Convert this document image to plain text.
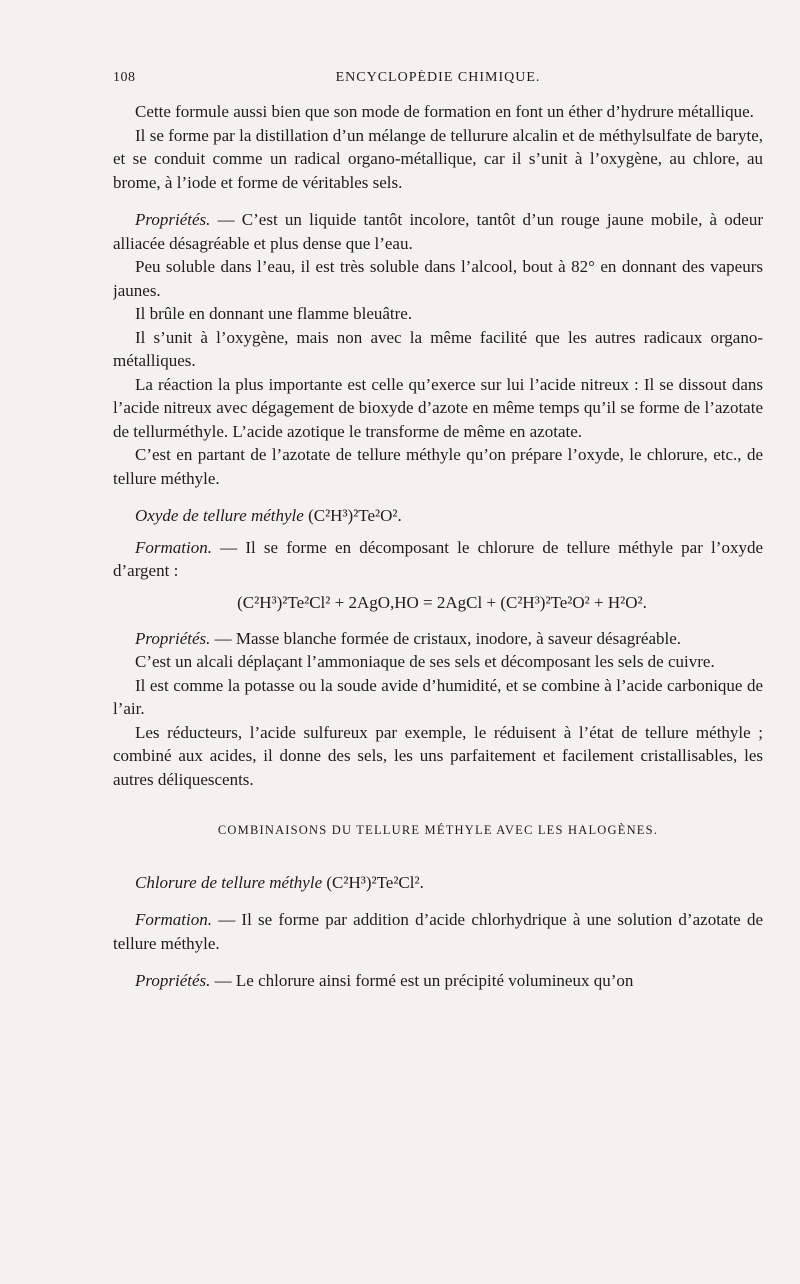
108	ENCYCLOPÉDIE CHIMIQUE.

Cette formule aussi bien que son mode de formation en font un éther d’hydrure métallique.

Il se forme par la distillation d’un mélange de tellurure alcalin et de méthylsulfate de baryte, et se conduit comme un radical organo-métallique, car il s’unit à l’oxygène, au chlore, au brome, à l’iode et forme de véritables sels.

Propriétés. — C’est un liquide tantôt incolore, tantôt d’un rouge jaune mobile, à odeur alliacée désagréable et plus dense que l’eau.

Peu soluble dans l’eau, il est très soluble dans l’alcool, bout à 82° en donnant des vapeurs jaunes.

Il brûle en donnant une flamme bleuâtre.

Il s’unit à l’oxygène, mais non avec la même facilité que les autres radicaux organo-métalliques.

La réaction la plus importante est celle qu’exerce sur lui l’acide nitreux : Il se dissout dans l’acide nitreux avec dégagement de bioxyde d’azote en même temps qu’il se forme de l’azotate de tellurméthyle. L’acide azotique le transforme de même en azotate.

C’est en partant de l’azotate de tellure méthyle qu’on prépare l’oxyde, le chlorure, etc., de tellure méthyle.

Oxyde de tellure méthyle (C²H³)²Te²O².

Formation. — Il se forme en décomposant le chlorure de tellure méthyle par l’oxyde d’argent :

(C²H³)²Te²Cl² + 2AgO,HO = 2AgCl + (C²H³)²Te²O² + H²O².

Propriétés. — Masse blanche formée de cristaux, inodore, à saveur désagréable.

C’est un alcali déplaçant l’ammoniaque de ses sels et décomposant les sels de cuivre.

Il est comme la potasse ou la soude avide d’humidité, et se combine à l’acide carbonique de l’air.

Les réducteurs, l’acide sulfureux par exemple, le réduisent à l’état de tellure méthyle ; combiné aux acides, il donne des sels, les uns parfaitement et facilement cristallisables, les autres déliquescents.

COMBINAISONS DU TELLURE MÉTHYLE AVEC LES HALOGÈNES.

Chlorure de tellure méthyle (C²H³)²Te²Cl².

Formation. — Il se forme par addition d’acide chlorhydrique à une solution d’azotate de tellure méthyle.

Propriétés. — Le chlorure ainsi formé est un précipité volumineux qu’on
